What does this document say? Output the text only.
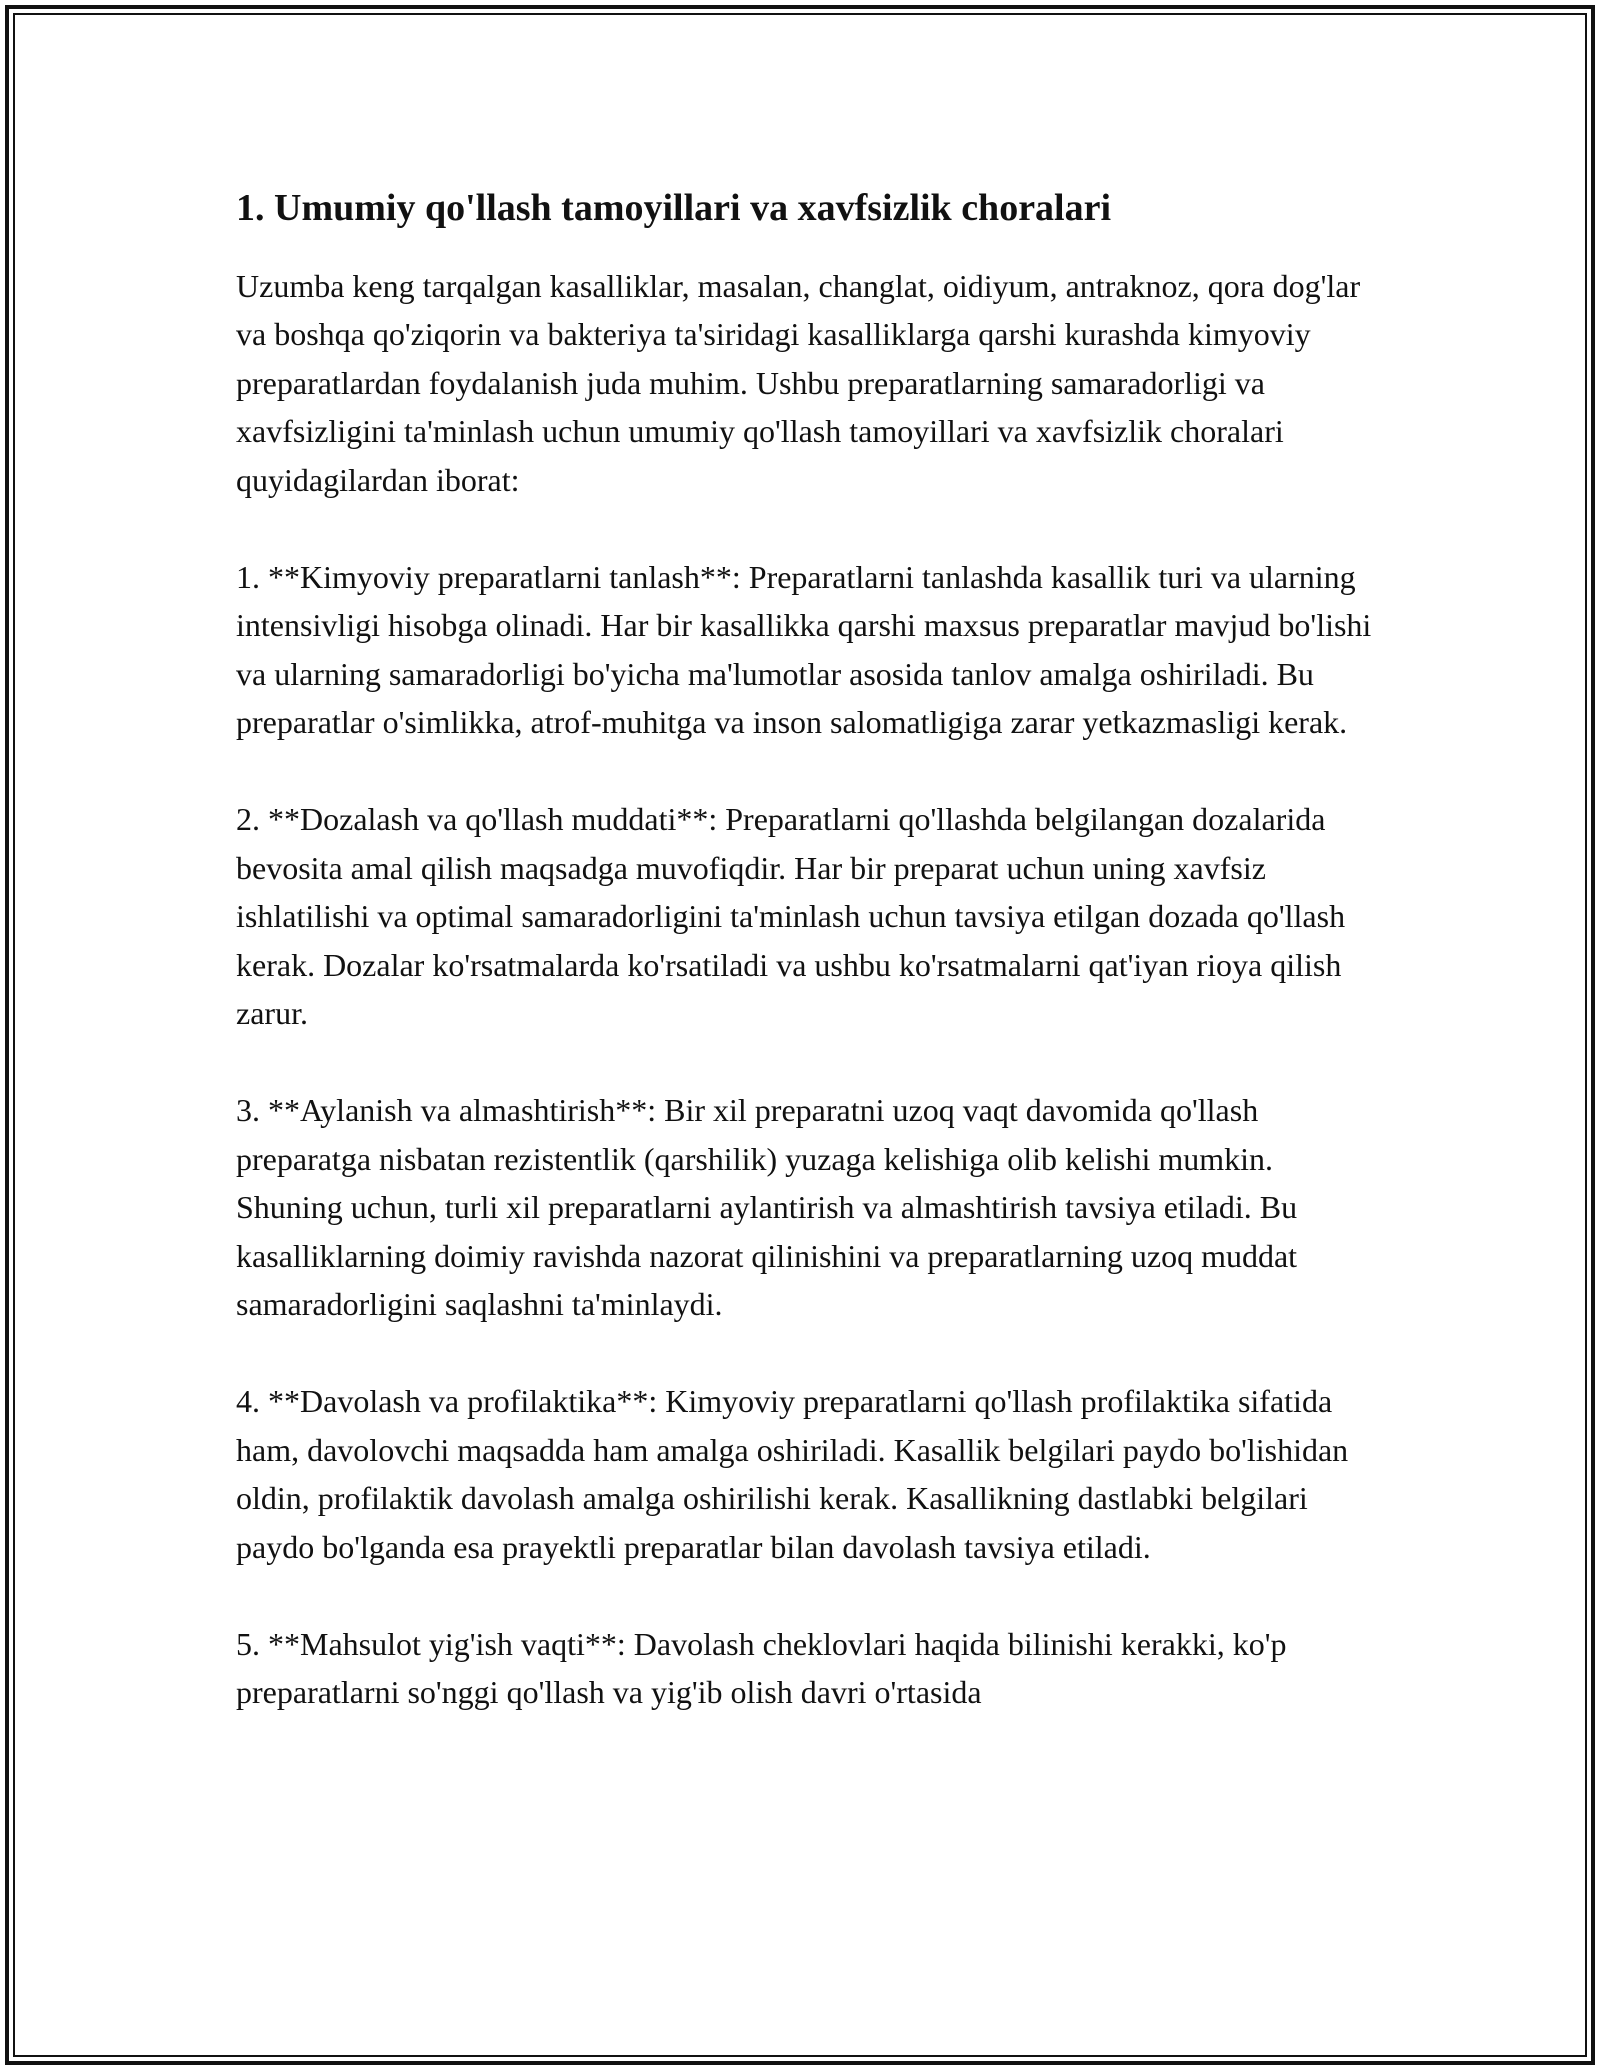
1. Umumiy qo'llash tamoyillari va xavfsizlik choralari

Uzumba keng tarqalgan kasalliklar, masalan, changlat, oidiyum, antraknoz, qora dog'lar va boshqa qo'ziqorin va bakteriya ta'siridagi kasalliklarga qarshi kurashda kimyoviy preparatlardan foydalanish juda muhim. Ushbu preparatlarning samaradorligi va xavfsizligini ta'minlash uchun umumiy qo'llash tamoyillari va xavfsizlik choralari quyidagilardan iborat:

1. **Kimyoviy preparatlarni tanlash**: Preparatlarni tanlashda kasallik turi va ularning intensivligi hisobga olinadi. Har bir kasallikka qarshi maxsus preparatlar mavjud bo'lishi va ularning samaradorligi bo'yicha ma'lumotlar asosida tanlov amalga oshiriladi. Bu preparatlar o'simlikka, atrof-muhitga va inson salomatligiga zarar yetkazmasligi kerak.

2. **Dozalash va qo'llash muddati**: Preparatlarni qo'llashda belgilangan dozalarida bevosita amal qilish maqsadga muvofiqdir. Har bir preparat uchun uning xavfsiz ishlatilishi va optimal samaradorligini ta'minlash uchun tavsiya etilgan dozada qo'llash kerak. Dozalar ko'rsatmalarda ko'rsatiladi va ushbu ko'rsatmalarni qat'iyan rioya qilish zarur.

3. **Aylanish va almashtirish**: Bir xil preparatni uzoq vaqt davomida qo'llash preparatga nisbatan rezistentlik (qarshilik) yuzaga kelishiga olib kelishi mumkin. Shuning uchun, turli xil preparatlarni aylantirish va almashtirish tavsiya etiladi. Bu kasalliklarning doimiy ravishda nazorat qilinishini va preparatlarning uzoq muddat samaradorligini saqlashni ta'minlaydi.

4. **Davolash va profilaktika**: Kimyoviy preparatlarni qo'llash profilaktika sifatida ham, davolovchi maqsadda ham amalga oshiriladi. Kasallik belgilari paydo bo'lishidan oldin, profilaktik davolash amalga oshirilishi kerak. Kasallikning dastlabki belgilari paydo bo'lganda esa prayektli preparatlar bilan davolash tavsiya etiladi.

5. **Mahsulot yig'ish vaqti**: Davolash cheklovlari haqida bilinishi kerakki, ko'p preparatlarni so'nggi qo'llash va yig'ib olish davri o'rtasida
